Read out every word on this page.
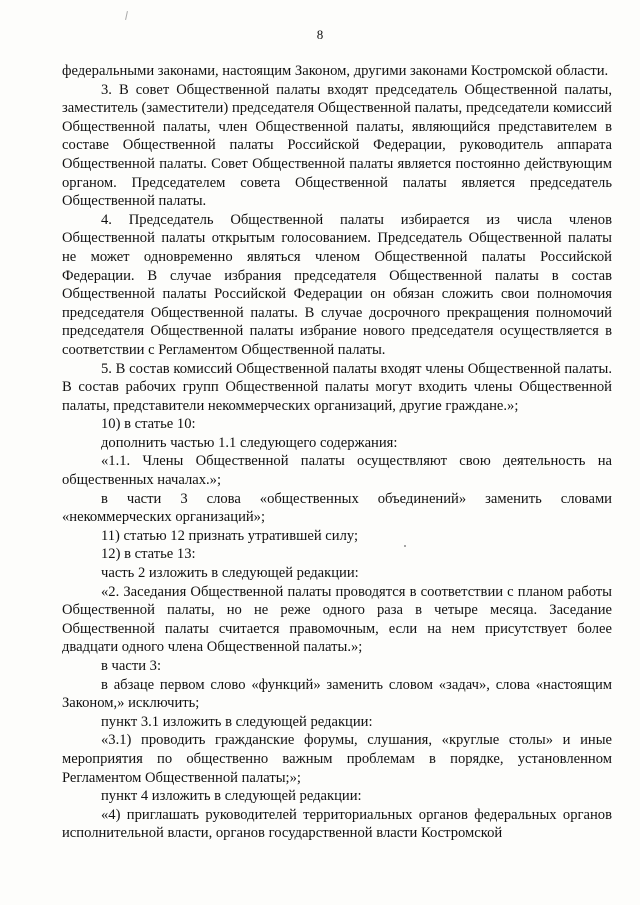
8

федеральными законами, настоящим Законом, другими законами Костромской области.

3. В совет Общественной палаты входят председатель Общественной палаты, заместитель (заместители) председателя Общественной палаты, председатели комиссий Общественной палаты, член Общественной палаты, являющийся представителем в составе Общественной палаты Российской Федерации, руководитель аппарата Общественной палаты. Совет Общественной палаты является постоянно действующим органом. Председателем совета Общественной палаты является председатель Общественной палаты.

4. Председатель Общественной палаты избирается из числа членов Общественной палаты открытым голосованием. Председатель Общественной палаты не может одновременно являться членом Общественной палаты Российской Федерации. В случае избрания председателя Общественной палаты в состав Общественной палаты Российской Федерации он обязан сложить свои полномочия председателя Общественной палаты. В случае досрочного прекращения полномочий председателя Общественной палаты избрание нового председателя осуществляется в соответствии с Регламентом Общественной палаты.

5. В состав комиссий Общественной палаты входят члены Общественной палаты. В состав рабочих групп Общественной палаты могут входить члены Общественной палаты, представители некоммерческих организаций, другие граждане.»;

10) в статье 10:

дополнить частью 1.1 следующего содержания:

«1.1. Члены Общественной палаты осуществляют свою деятельность на общественных началах.»;

в части 3 слова «общественных объединений» заменить словами «некоммерческих организаций»;

11) статью 12 признать утратившей силу;

12) в статье 13:

часть 2 изложить в следующей редакции:

«2. Заседания Общественной палаты проводятся в соответствии с планом работы Общественной палаты, но не реже одного раза в четыре месяца. Заседание Общественной палаты считается правомочным, если на нем присутствует более двадцати одного члена Общественной палаты.»;

в части 3:

в абзаце первом слово «функций» заменить словом «задач», слова «настоящим Законом,» исключить;

пункт 3.1 изложить в следующей редакции:

«3.1) проводить гражданские форумы, слушания, «круглые столы» и иные мероприятия по общественно важным проблемам в порядке, установленном Регламентом Общественной палаты;»;

пункт 4 изложить в следующей редакции:

«4) приглашать руководителей территориальных органов федеральных органов исполнительной власти, органов государственной власти Костромской
